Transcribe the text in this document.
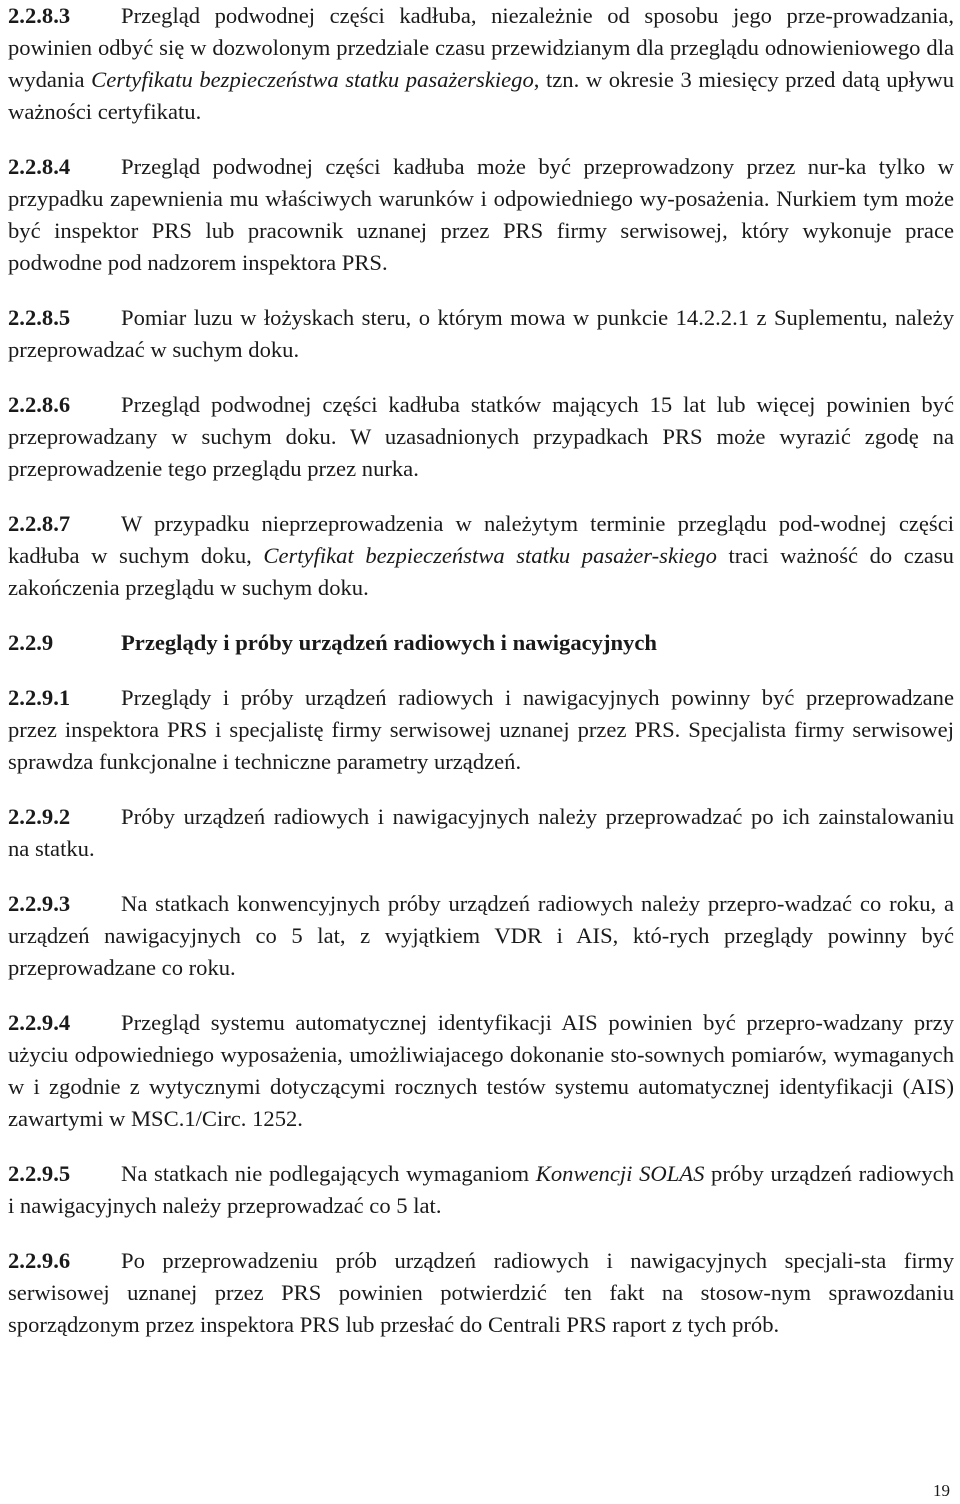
2.2.8.3 Przegląd podwodnej części kadłuba, niezależnie od sposobu jego prze-prowadzania, powinien odbyć się w dozwolonym przedziale czasu przewidzianym dla przeglądu odnowieniowego dla wydania Certyfikatu bezpieczeństwa statku pasażerskiego, tzn. w okresie 3 miesięcy przed datą upływu ważności certyfikatu.

2.2.8.4 Przegląd podwodnej części kadłuba może być przeprowadzony przez nur-ka tylko w przypadku zapewnienia mu właściwych warunków i odpowiedniego wy-posażenia. Nurkiem tym może być inspektor PRS lub pracownik uznanej przez PRS firmy serwisowej, który wykonuje prace podwodne pod nadzorem inspektora PRS.

2.2.8.5 Pomiar luzu w łożyskach steru, o którym mowa w punkcie 14.2.2.1 z Suplementu, należy przeprowadzać w suchym doku.

2.2.8.6 Przegląd podwodnej części kadłuba statków mających 15 lat lub więcej powinien być przeprowadzany w suchym doku. W uzasadnionych przypadkach PRS może wyrazić zgodę na przeprowadzenie tego przeglądu przez nurka.

2.2.8.7 W przypadku nieprzeprowadzenia w należytym terminie przeglądu pod-wodnej części kadłuba w suchym doku, Certyfikat bezpieczeństwa statku pasażer-skiego traci ważność do czasu zakończenia przeglądu w suchym doku.

2.2.9	Przeglądy i próby urządzeń radiowych i nawigacyjnych

2.2.9.1 Przeglądy i próby urządzeń radiowych i nawigacyjnych powinny być przeprowadzane przez inspektora PRS i specjalistę firmy serwisowej uznanej przez PRS. Specjalista firmy serwisowej sprawdza funkcjonalne i techniczne parametry urządzeń.

2.2.9.2 Próby urządzeń radiowych i nawigacyjnych należy przeprowadzać po ich zainstalowaniu na statku.

2.2.9.3 Na statkach konwencyjnych próby urządzeń radiowych należy przepro-wadzać co roku, a urządzeń nawigacyjnych co 5 lat, z wyjątkiem VDR i AIS, któ-rych przeglądy powinny być przeprowadzane co roku.

2.2.9.4 Przegląd systemu automatycznej identyfikacji AIS powinien być przepro-wadzany przy użyciu odpowiedniego wyposażenia, umożliwiajacego dokonanie sto-sownych pomiarów, wymaganych w i zgodnie z wytycznymi dotyczącymi rocznych testów systemu automatycznej identyfikacji (AIS) zawartymi w MSC.1/Circ. 1252.

2.2.9.5 Na statkach nie podlegających wymaganiom Konwencji SOLAS próby urządzeń radiowych i nawigacyjnych należy przeprowadzać co 5 lat.

2.2.9.6 Po przeprowadzeniu prób urządzeń radiowych i nawigacyjnych specjali-sta firmy serwisowej uznanej przez PRS powinien potwierdzić ten fakt na stosow-nym sprawozdaniu sporządzonym przez inspektora PRS lub przesłać do Centrali PRS raport z tych prób.

19
